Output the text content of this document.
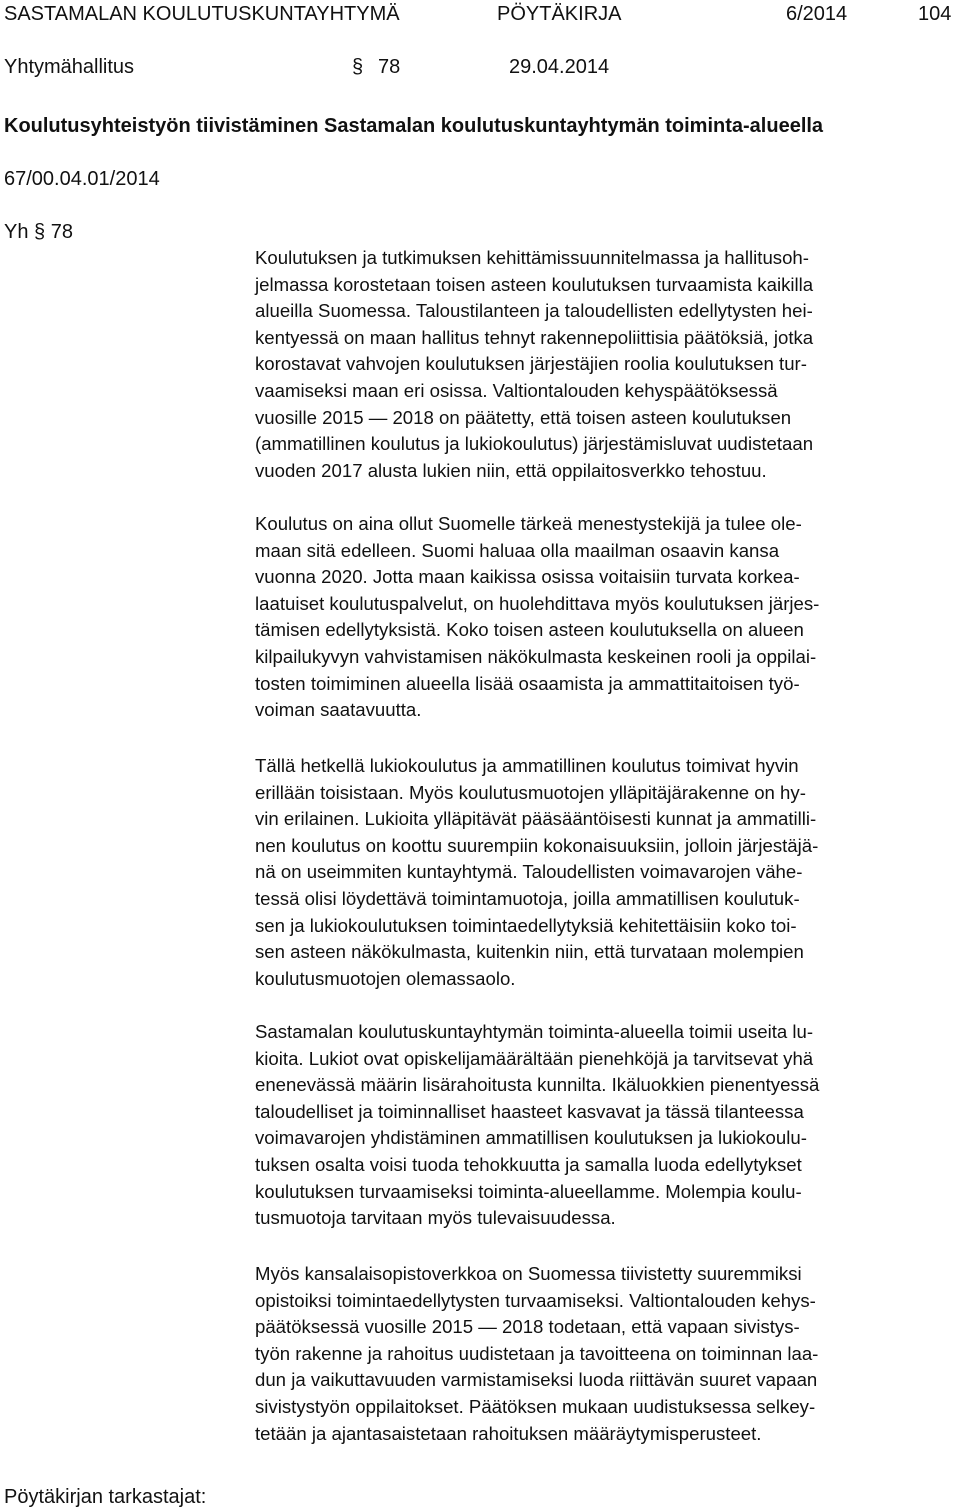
SASTAMALAN KOULUTUSKUNTAYHTYMÄ	PÖYTÄKIRJA	6/2014	104
Yhtymähallitus	§ 78	29.04.2014
Koulutusyhteistyön tiivistäminen Sastamalan koulutuskuntayhtymän toiminta-alueella
67/00.04.01/2014
Yh § 78

Koulutuksen ja tutkimuksen kehittämissuunnitelmassa ja hallitusoh-
jelmassa korostetaan toisen asteen koulutuksen turvaamista kaikilla
alueilla Suomessa. Taloustilanteen ja taloudellisten edellytysten hei-
kentyessä on maan hallitus tehnyt rakennepoliittisia päätöksiä, jotka
korostavat vahvojen koulutuksen järjestäjien roolia koulutuksen tur-
vaamiseksi maan eri osissa. Valtiontalouden kehyspäätöksessä
vuosille 2015 — 2018 on päätetty, että toisen asteen koulutuksen
(ammatillinen koulutus ja lukiokoulutus) järjestämisluvat uudistetaan
vuoden 2017 alusta lukien niin, että oppilaitosverkko tehostuu.

Koulutus on aina ollut Suomelle tärkeä menestystekijä ja tulee ole-
maan sitä edelleen. Suomi haluaa olla maailman osaavin kansa
vuonna 2020. Jotta maan kaikissa osissa voitaisiin turvata korkea-
laatuiset koulutuspalvelut, on huolehdittava myös koulutuksen järjes-
tämisen edellytyksistä. Koko toisen asteen koulutuksella on alueen
kilpailukyvyn vahvistamisen näkökulmasta keskeinen rooli ja oppilai-
tosten toimiminen alueella lisää osaamista ja ammattitaitoisen työ-
voiman saatavuutta.

Tällä hetkellä lukiokoulutus ja ammatillinen koulutus toimivat hyvin
erillään toisistaan. Myös koulutusmuotojen ylläpitäjärakenne on hy-
vin erilainen. Lukioita ylläpitävät pääsääntöisesti kunnat ja ammatilli-
nen koulutus on koottu suurempiin kokonaisuuksiin, jolloin järjestäjä-
nä on useimmiten kuntayhtymä. Taloudellisten voimavarojen vähe-
tessä olisi löydettävä toimintamuotoja, joilla ammatillisen koulutuk-
sen ja lukiokoulutuksen toimintaedellytyksiä kehitettäisiin koko toi-
sen asteen näkökulmasta, kuitenkin niin, että turvataan molempien
koulutusmuotojen olemassaolo.

Sastamalan koulutuskuntayhtymän toiminta-alueella toimii useita lu-
kioita. Lukiot ovat opiskelijamäärältään pienehköjä ja tarvitsevat yhä
enenevässä määrin lisärahoitusta kunnilta. Ikäluokkien pienentyessä
taloudelliset ja toiminnalliset haasteet kasvavat ja tässä tilanteessa
voimavarojen yhdistäminen ammatillisen koulutuksen ja lukiokoulu-
tuksen osalta voisi tuoda tehokkuutta ja samalla luoda edellytykset
koulutuksen turvaamiseksi toiminta-alueellamme. Molempia koulu-
tusmuotoja tarvitaan myös tulevaisuudessa.

Myös kansalaisopistoverkkoa on Suomessa tiivistetty suuremmiksi
opistoiksi toimintaedellytysten turvaamiseksi. Valtiontalouden kehys-
päätöksessä vuosille 2015 — 2018 todetaan, että vapaan sivistys-
työn rakenne ja rahoitus uudistetaan ja tavoitteena on toiminnan laa-
dun ja vaikuttavuuden varmistamiseksi luoda riittävän suuret vapaan
sivistystyön oppilaitokset. Päätöksen mukaan uudistuksessa selkey-
tetään ja ajantasaistetaan rahoituksen määräytymisperusteet.

Pöytäkirjan tarkastajat:
